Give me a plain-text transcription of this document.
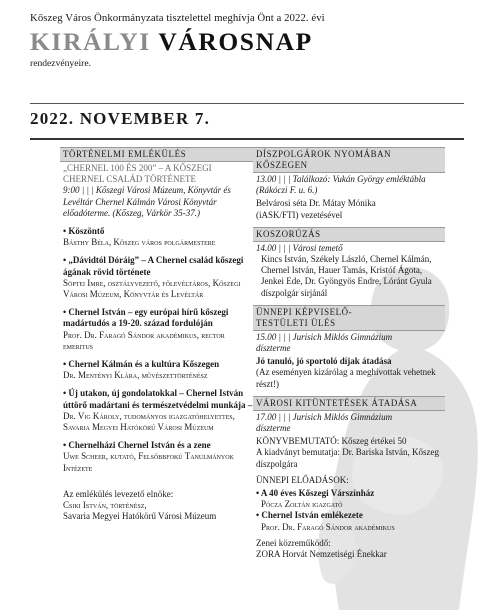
Kőszeg Város Önkormányzata tisztelettel meghívja Önt a 2022. évi
KIRÁLYI VÁROSNAP
rendezvényeire.
2022. NOVEMBER 7.
TÖRTÉNELMI EMLÉKÜLÉS

„CHERNEL 100 ÉS 200” – A KŐSZEGI

CHERNEL CSALÁD TÖRTÉNETE

9:00 | | | Kőszegi Városi Múzeum, Könyvtár és Levéltár Chernel Kálmán Városi Könyvtár előadóterme. (Kőszeg, Várkör 35-37.)

• Köszöntő

Básthy Béla, Kőszeg város polgármestere

• „Dávidtól Dóráig” – A Chernel család kőszegi ágának rövid története

Söptei Imre, osztályvezető, főlevéltáros, Kőszegi Városi Múzeum, Könyvtár és Levéltár

• Chernel István – egy európai hírű kőszegi madártudós a 19-20. század fordulóján

Prof. Dr. Faragó Sándor akadémikus, rector emeritus

• Chernel Kálmán és a kultúra Kőszegen

Dr. Mentényi Klára, művészettörténész

• Új utakon, új gondolatokkal – Chernel István úttörő madártani és természetvédelmi munkája –

Dr. Vig Károly, tudományos igazgatóhelyettes, Savaria Megyei Hatókörű Városi Múzeum

• Chernelházi Chernel István és a zene

Uwe Scheer, kutató, Felsőbbfokú Tanulmányok Intézete

Az emlékülés levezető elnöke:

Csiki István, történész,

Savaria Megyei Hatókörű Városi Múzeum

DÍSZPOLGÁROK NYOMÁBAN
KŐSZEGEN

13.00 | | | Találkozó: Vukán György emléktábla

(Rákóczi F. u. 6.)

Belvárosi séta Dr. Mátay Mónika

(iASK/FTI) vezetésével

KOSZORÚZÁS

14.00 | | | Városi temető

Kincs István, Székely László, Chernel Kálmán, Chernel István, Hauer Tamás, Kristóf Ágota, Jenkei Ede, Dr. Gyöngyös Endre, Lóránt Gyula díszpolgár sírjánál

ÜNNEPI KÉPVISELŐ-
TESTÜLETI ÜLÉS

15.00 | | | Jurisich Miklós Gimnázium

díszterme

Jó tanuló, jó sportoló díjak átadása

(Az eseményen kizárólag a meghívottak vehetnek részt!)

VÁROSI KITÜNTETÉSEK ÁTADÁSA

17.00 | | | Jurisich Miklós Gimnázium

díszterme

KÖNYVBEMUTATÓ: Kőszeg értékei 50

A kiadványt bemutatja: Dr. Bariska István, Kőszeg díszpolgára

ÜNNEPI ELŐADÁSOK:

• A 40 éves Kőszegi Várszínház

Pócza Zoltán igazgató

• Chernel István emlékezete

Prof. Dr. Faragó Sándor akadémikus

Zenei közreműködő:

ZORA Horvát Nemzetiségi Énekkar
